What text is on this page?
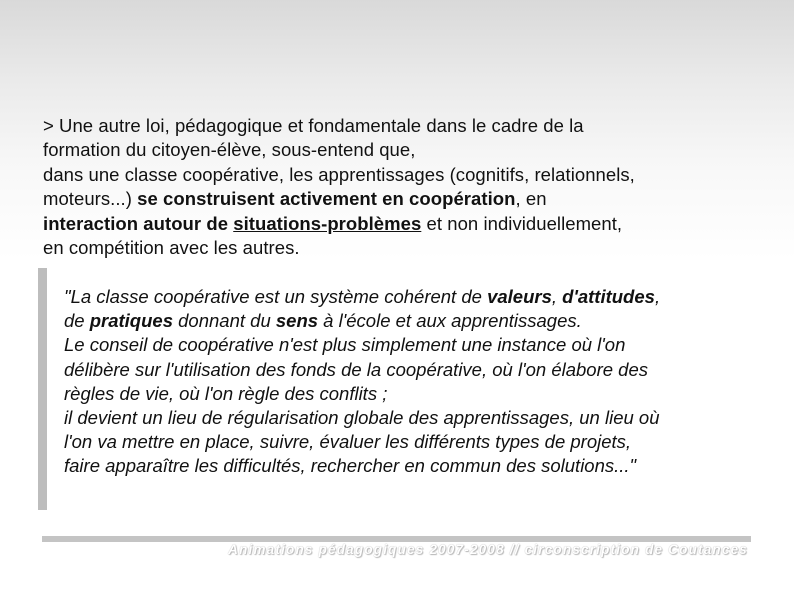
> Une autre loi, pédagogique et fondamentale dans le cadre de la
formation du citoyen-élève, sous-entend que,
dans une classe coopérative, les apprentissages (cognitifs, relationnels,
moteurs...) se construisent activement en coopération, en
interaction autour de situations-problèmes et non individuellement,
en compétition avec les autres.
"La classe coopérative est un système cohérent de valeurs, d'attitudes,
de pratiques donnant du sens à l'école et aux apprentissages.
Le conseil de coopérative n'est plus simplement une instance où l'on
délibère sur l'utilisation des fonds de la coopérative, où l'on élabore des
règles de vie, où l'on règle des conflits ;
il devient un lieu de régularisation globale des apprentissages, un lieu où
l'on va mettre en place, suivre, évaluer les différents types de projets,
faire apparaître les difficultés, rechercher en commun des solutions..."
Animations pédagogiques 2007-2008 // circonscription de Coutances
